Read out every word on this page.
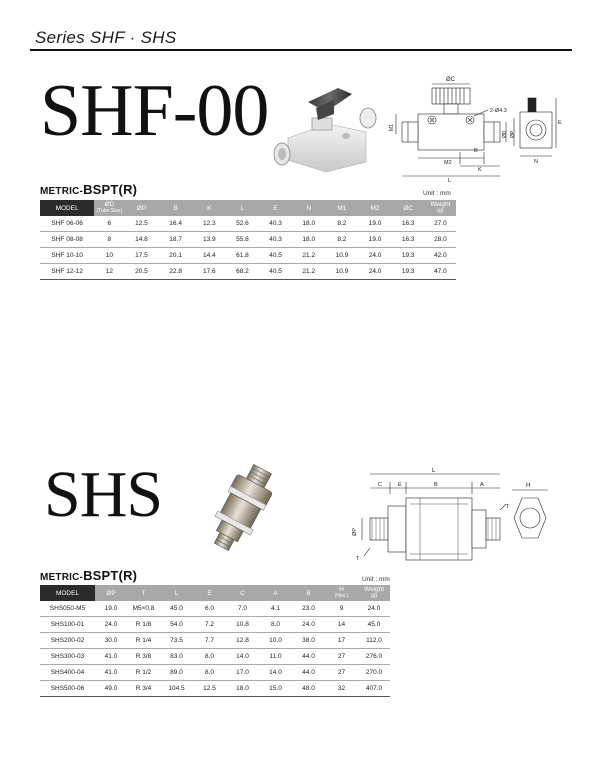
Series SHF · SHS
SHF-00	ØC
2-Ø4.3
M1
ØD ØP
M2
B
K
L
E
N
Unit : mm
METRIC-BSPT(R)
MODEL	ØD
(Tube Size)	ØP	B	K	L	E	N	M1	M2	ØC	Weight
(g)

SHF 06-06	6	12.5	16.4	12.3	52.6	40.3	18.0	8.2	19.0	16.3	27.0
SHF 08-08	8	14.8	18.7	13.9	55.8	40.3	18.0	8.2	19.0	16.3	28.0
SHF 10-10	10	17.5	20.1	14.4	61.8	40.5	21.2	10.9	24.0	19.3	42.0
SHF 12-12	12	20.5	22.8	17.6	68.2	40.5	21.2	10.9	24.0	19.3	47.0
SHS	L
C	E	B	A
ØP
T
T
H
Unit : mm
METRIC-BSPT(R)
MODEL	ØP	T	L	E	C	A	B	H
(Hex.)	Weight
(g)

SHS050-M5	19.0	M5×0.8	45.0	6.0	7.0	4.1	23.0	9	24.0
SHS100-01	24.0	R 1/8	54.0	7.2	10.8	8.0	24.0	14	45.0
SHS200-02	30.0	R 1/4	73.5	7.7	12.8	10.0	38.0	17	112.0
SHS300-03	41.0	R 3/8	83.0	8.0	14.0	11.0	44.0	27	276.0
SHS400-04	41.0	R 1/2	89.0	8.0	17.0	14.0	44.0	27	270.0
SHS500-06	49.0	R 3/4	104.5	12.5	18.0	15.0	48.0	32	407.0
